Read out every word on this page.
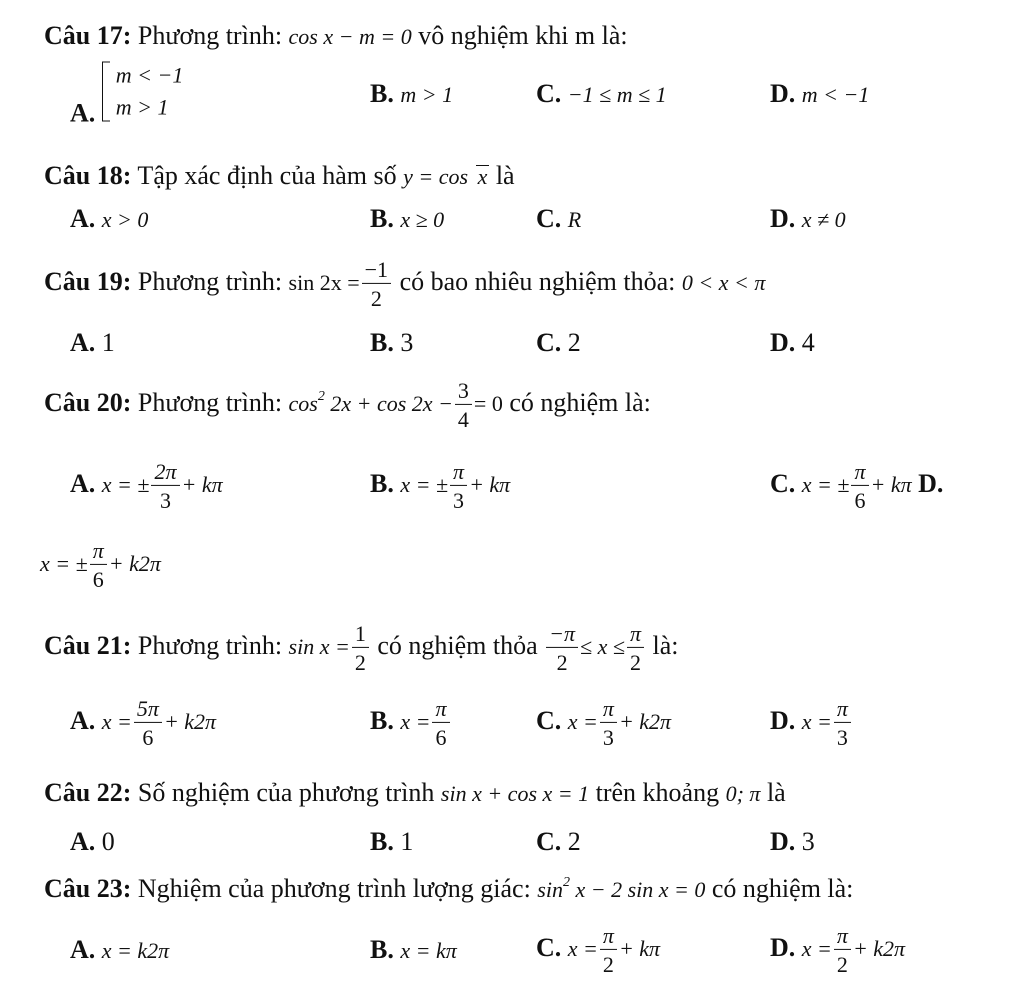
Câu 17: Phương trình: cos x − m = 0 vô nghiệm khi m là:
A.
m < −1
m > 1	B. m > 1	C. −1 ≤ m ≤ 1	D. m < −1
Câu 18: Tập xác định của hàm số y = cos x là
A. x > 0	B. x ≥ 0	C. R	D. x ≠ 0
Câu 19: Phương trình: $\sin 2x = \frac{-1}{2}$ có bao nhiêu nghiệm thỏa: 0 < x < π
A. 1	B. 3	C. 2	D. 4
Câu 20: Phương trình: $\cos^2 2x + \cos 2x - \frac{3}{4} = 0$ có nghiệm là:
A. x = ± $\frac{2\pi}{3} + k\pi$	B. x = ± $\frac{\pi}{3} + k\pi$	C. x = ± $\frac{\pi}{6} + k\pi$ D.
x = ± $\frac{\pi}{6} + k2\pi$
Câu 21: Phương trình: $\sin x = \frac{1}{2}$ có nghiệm thỏa $\frac{-\pi}{2} \le x \le \frac{\pi}{2}$ là:
A. $x = \frac{5\pi}{6} + k2\pi$	B. $x = \frac{\pi}{6}$	C. $x = \frac{\pi}{3} + k2\pi$	D. $x = \frac{\pi}{3}$
Câu 22: Số nghiệm của phương trình sin x + cos x = 1 trên khoảng 0; π là
A. 0	B. 1	C. 2	D. 3
Câu 23: Nghiệm của phương trình lượng giác: $\sin^2 x - 2$ sin x = 0 có nghiệm là:
A. x = k2π	B. x = kπ	C. $x = \frac{\pi}{2} + k\pi$	D. $x = \frac{\pi}{2} + k2\pi$
